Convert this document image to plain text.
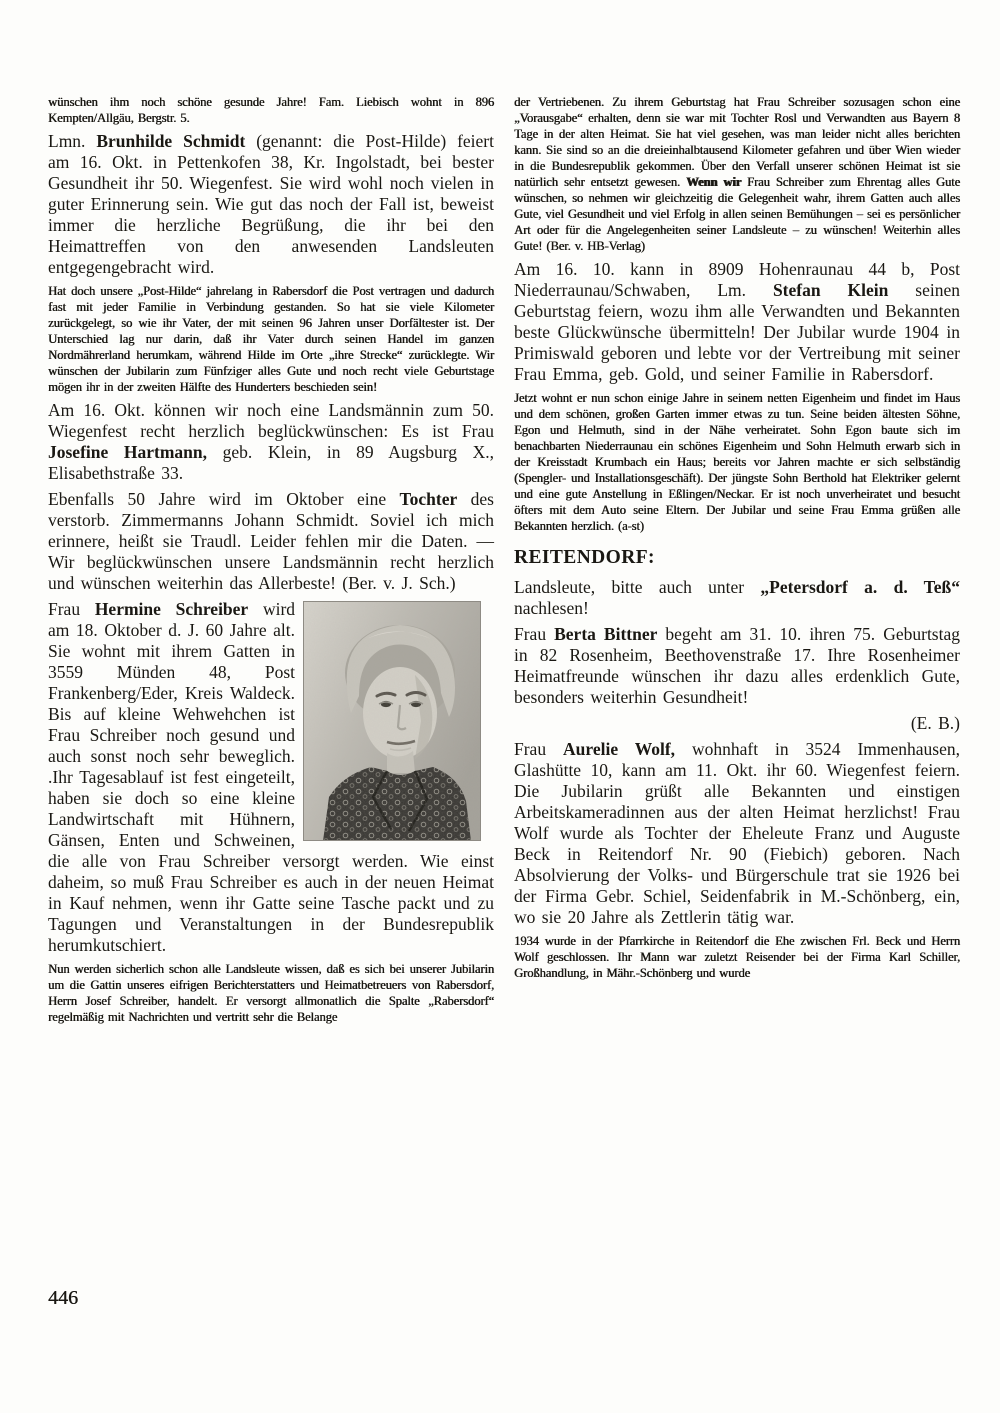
wünschen ihm noch schöne gesunde Jahre! Fam. Liebisch wohnt in 896 Kempten/Allgäu, Bergstr. 5.

Lmn. Brunhilde Schmidt (genannt: die Post-Hilde) feiert am 16. Okt. in Pettenkofen 38, Kr. Ingolstadt, bei bester Gesundheit ihr 50. Wiegenfest. Sie wird wohl noch vielen in guter Erinnerung sein. Wie gut das noch der Fall ist, beweist immer die herzliche Begrüßung, die ihr bei den Heimattreffen von den anwesenden Landsleuten entgegengebracht wird.

Hat doch unsere „Post-Hilde“ jahrelang in Rabersdorf die Post vertragen und dadurch fast mit jeder Familie in Verbindung gestanden. So hat sie viele Kilometer zurückgelegt, so wie ihr Vater, der mit seinen 96 Jahren unser Dorfältester ist. Der Unterschied lag nur darin, daß ihr Vater durch seinen Handel im ganzen Nordmährerland herumkam, während Hilde im Orte „ihre Strecke“ zurücklegte. Wir wünschen der Jubilarin zum Fünfziger alles Gute und noch recht viele Geburtstage mögen ihr in der zweiten Hälfte des Hunderters beschieden sein!

Am 16. Okt. können wir noch eine Landsmännin zum 50. Wiegenfest recht herzlich beglückwünschen: Es ist Frau Josefine Hartmann, geb. Klein, in 89 Augsburg X., Elisabethstraße 33.

Ebenfalls 50 Jahre wird im Oktober eine Tochter des verstorb. Zimmermanns Johann Schmidt. Soviel ich mich erinnere, heißt sie Traudl. Leider fehlen mir die Daten. — Wir beglückwünschen unsere Landsmännin recht herzlich und wünschen weiterhin das Allerbeste! (Ber. v. J. Sch.)

Frau Hermine Schreiber wird am 18. Oktober d. J. 60 Jahre alt. Sie wohnt mit ihrem Gatten in 3559 Münden 48, Post Frankenberg/Eder, Kreis Waldeck. Bis auf kleine Wehwehchen ist Frau Schreiber noch gesund und auch sonst noch sehr beweglich. .Ihr Tagesablauf ist fest eingeteilt, haben sie doch so eine kleine Landwirtschaft mit Hühnern, Gänsen, Enten und Schweinen, die alle von Frau Schreiber versorgt werden. Wie einst daheim, so muß Frau Schreiber es auch in der neuen Heimat in Kauf nehmen, wenn ihr Gatte seine Tasche packt und zu Tagungen und Veranstaltungen in der Bundesrepublik herumkutschiert.

Nun werden sicherlich schon alle Landsleute wissen, daß es sich bei unserer Jubilarin um die Gattin unseres eifrigen Berichterstatters und Heimatbetreuers von Rabersdorf, Herrn Josef Schreiber, handelt. Er versorgt allmonatlich die Spalte „Rabersdorf“ regelmäßig mit Nachrichten und vertritt sehr die Belange

der Vertriebenen. Zu ihrem Geburtstag hat Frau Schreiber sozusagen schon eine „Vorausgabe“ erhalten, denn sie war mit Tochter Rosl und Verwandten aus Bayern 8 Tage in der alten Heimat. Sie hat viel gesehen, was man leider nicht alles berichten kann. Sie sind so an die dreieinhalbtausend Kilometer gefahren und über Wien wieder in die Bundesrepublik gekommen. Über den Verfall unserer schönen Heimat ist sie natürlich sehr entsetzt gewesen. Wenn wir Frau Schreiber zum Ehrentag alles Gute wünschen, so nehmen wir gleichzeitig die Gelegenheit wahr, ihrem Gatten auch alles Gute, viel Gesundheit und viel Erfolg in allen seinen Bemühungen – sei es persönlicher Art oder für die Angelegenheiten seiner Landsleute – zu wünschen! Weiterhin alles Gute! (Ber. v. HB-Verlag)

Am 16. 10. kann in 8909 Hohenraunau 44 b, Post Niederraunau/Schwaben, Lm. Stefan Klein seinen Geburtstag feiern, wozu ihm alle Verwandten und Bekannten beste Glückwünsche übermitteln! Der Jubilar wurde 1904 in Primiswald geboren und lebte vor der Vertreibung mit seiner Frau Emma, geb. Gold, und seiner Familie in Rabersdorf.

Jetzt wohnt er nun schon einige Jahre in seinem netten Eigenheim und findet im Haus und dem schönen, großen Garten immer etwas zu tun. Seine beiden ältesten Söhne, Egon und Helmuth, sind in der Nähe verheiratet. Sohn Egon baute sich im benachbarten Niederraunau ein schönes Eigenheim und Sohn Helmuth erwarb sich in der Kreisstadt Krumbach ein Haus; bereits vor Jahren machte er sich selbständig (Spengler- und Installationsgeschäft). Der jüngste Sohn Berthold hat Elektriker gelernt und eine gute Anstellung in Eßlingen/Neckar. Er ist noch unverheiratet und besucht öfters mit dem Auto seine Eltern. Der Jubilar und seine Frau Emma grüßen alle Bekannten herzlich. (a-st)

REITENDORF:

Landsleute, bitte auch unter „Petersdorf a. d. Teß“ nachlesen!

Frau Berta Bittner begeht am 31. 10. ihren 75. Geburtstag in 82 Rosenheim, Beethovenstraße 17. Ihre Rosenheimer Heimatfreunde wünschen ihr dazu alles erdenklich Gute, besonders weiterhin Gesundheit!

(E. B.)

Frau Aurelie Wolf, wohnhaft in 3524 Immenhausen, Glashütte 10, kann am 11. Okt. ihr 60. Wiegenfest feiern. Die Jubilarin grüßt alle Bekannten und einstigen Arbeitskameradinnen aus der alten Heimat herzlichst! Frau Wolf wurde als Tochter der Eheleute Franz und Auguste Beck in Reitendorf Nr. 90 (Fiebich) geboren. Nach Absolvierung der Volks- und Bürgerschule trat sie 1926 bei der Firma Gebr. Schiel, Seidenfabrik in M.-Schönberg, ein, wo sie 20 Jahre als Zettlerin tätig war.

1934 wurde in der Pfarrkirche in Reitendorf die Ehe zwischen Frl. Beck und Herrn Wolf geschlossen. Ihr Mann war zuletzt Reisender bei der Firma Karl Schiller, Großhandlung, in Mähr.-Schönberg und wurde

446
